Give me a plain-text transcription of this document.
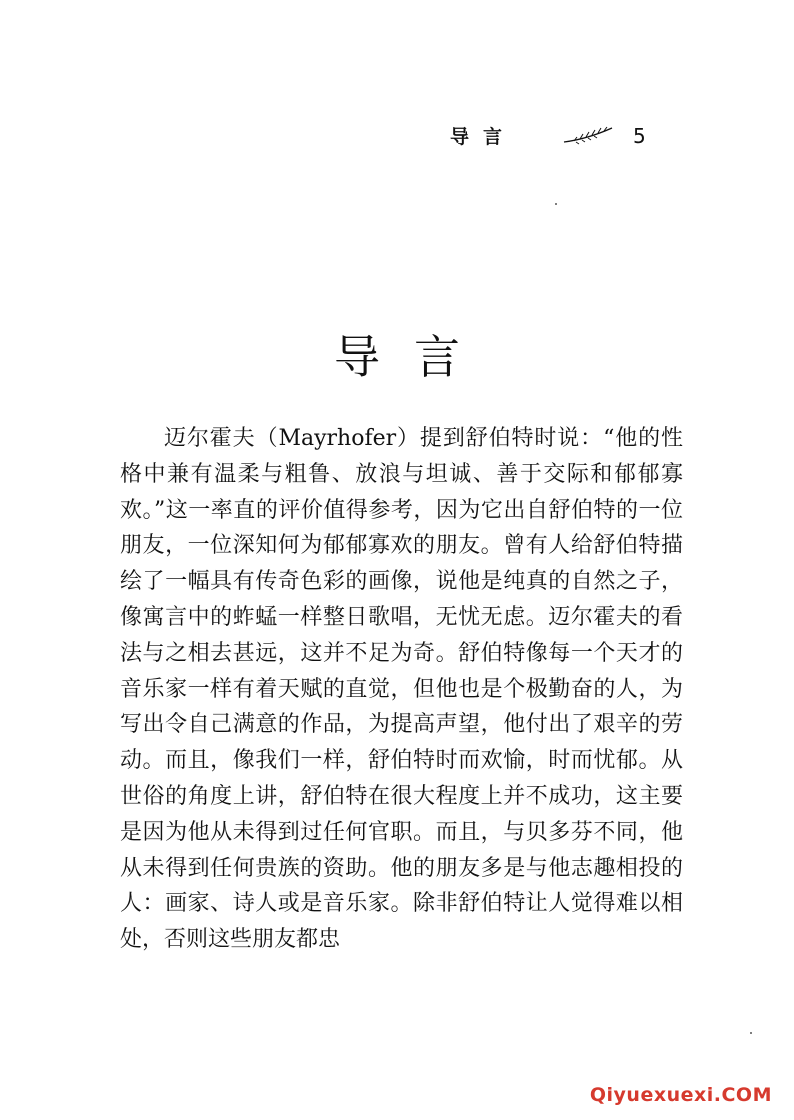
导言	5
导言

迈尔霍夫（Mayrhofer）提到舒伯特时说：“他的性格中兼有温柔与粗鲁、放浪与坦诚、善于交际和郁郁寡欢。”这一率直的评价值得参考，因为它出自舒伯特的一位朋友，一位深知何为郁郁寡欢的朋友。曾有人给舒伯特描绘了一幅具有传奇色彩的画像，说他是纯真的自然之子，像寓言中的蚱蜢一样整日歌唱，无忧无虑。迈尔霍夫的看法与之相去甚远，这并不足为奇。舒伯特像每一个天才的音乐家一样有着天赋的直觉，但他也是个极勤奋的人，为写出令自己满意的作品，为提高声望，他付出了艰辛的劳动。而且，像我们一样，舒伯特时而欢愉，时而忧郁。从世俗的角度上讲，舒伯特在很大程度上并不成功，这主要是因为他从未得到过任何官职。而且，与贝多芬不同，他从未得到任何贵族的资助。他的朋友多是与他志趣相投的人：画家、诗人或是音乐家。除非舒伯特让人觉得难以相处，否则这些朋友都忠

Qiyuexuexi.COM
